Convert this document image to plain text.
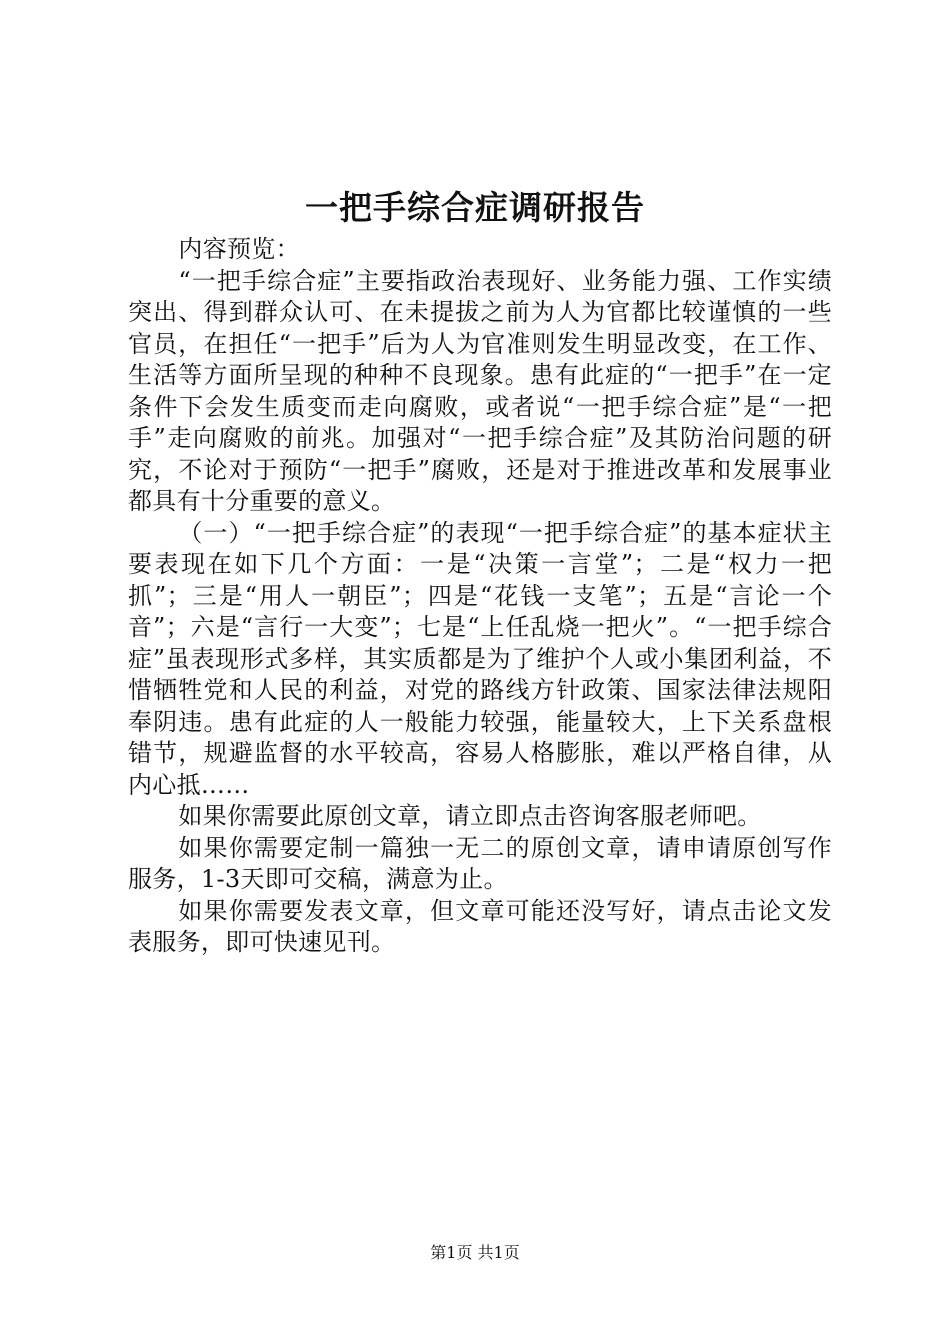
一把手综合症调研报告

内容预览：

“一把手综合症”主要指政治表现好、业务能力强、工作实绩突出、得到群众认可、在未提拔之前为人为官都比较谨慎的一些官员，在担任“一把手”后为人为官准则发生明显改变，在工作、生活等方面所呈现的种种不良现象。患有此症的“一把手”在一定条件下会发生质变而走向腐败，或者说“一把手综合症”是“一把手”走向腐败的前兆。加强对“一把手综合症”及其防治问题的研究，不论对于预防“一把手”腐败，还是对于推进改革和发展事业都具有十分重要的意义。

（一）“一把手综合症”的表现“一把手综合症”的基本症状主要表现在如下几个方面：一是“决策一言堂”；二是“权力一把抓”；三是“用人一朝臣”；四是“花钱一支笔”；五是“言论一个音”；六是“言行一大变”；七是“上任乱烧一把火”。“一把手综合症”虽表现形式多样，其实质都是为了维护个人或小集团利益，不惜牺牲党和人民的利益，对党的路线方针政策、国家法律法规阳奉阴违。患有此症的人一般能力较强，能量较大，上下关系盘根错节，规避监督的水平较高，容易人格膨胀，难以严格自律，从内心抵……

如果你需要此原创文章，请立即点击咨询客服老师吧。

如果你需要定制一篇独一无二的原创文章，请申请原创写作服务，1-3天即可交稿，满意为止。

如果你需要发表文章，但文章可能还没写好，请点击论文发表服务，即可快速见刊。

第1页 共1页
